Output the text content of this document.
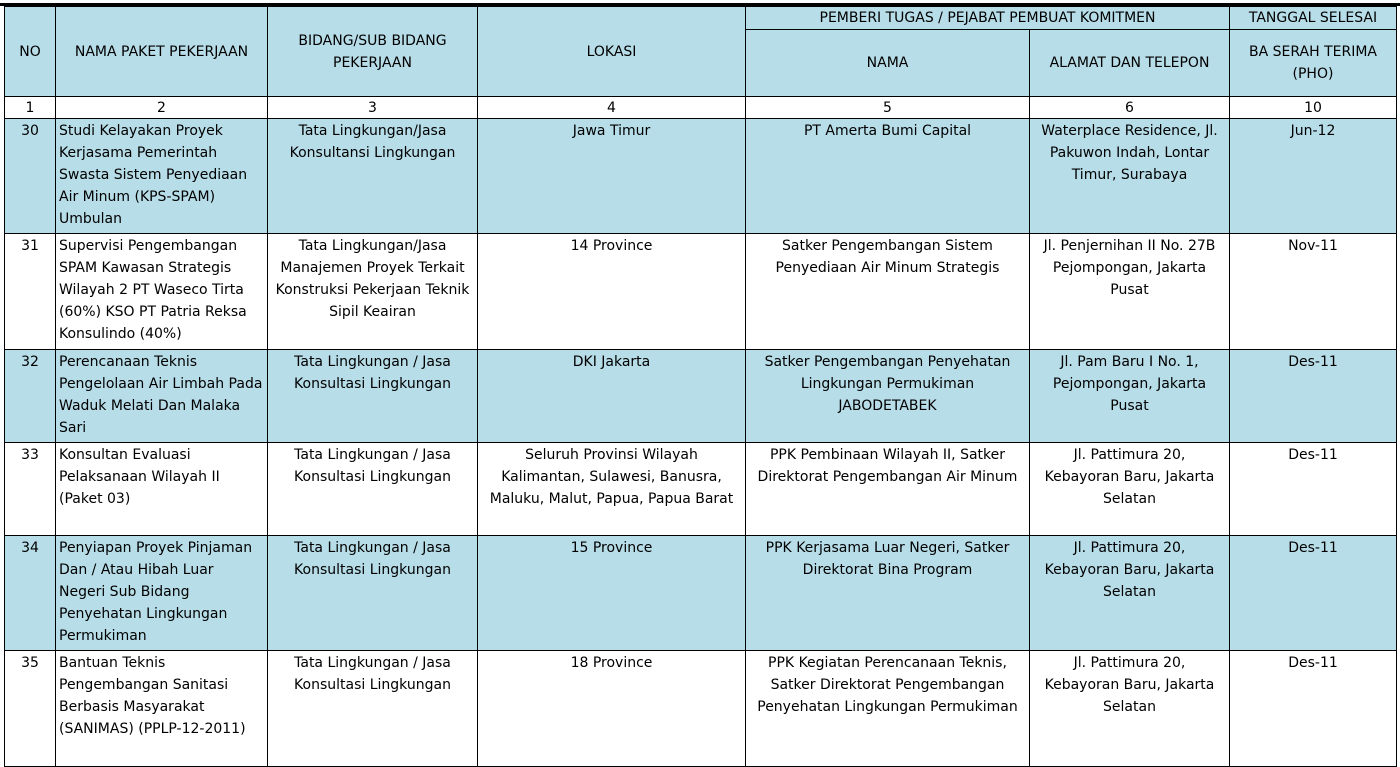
NO	NAMA PAKET PEKERJAAN	BIDANG/SUB BIDANG
PEKERJAAN	LOKASI	PEMBERI TUGAS / PEJABAT PEMBUAT KOMITMEN		TANGGAL SELESAI
				NAMA	ALAMAT DAN TELEPON	BA SERAH TERIMA
(PHO)
1	2	3	4	5	6	10
30	Studi Kelayakan Proyek
Kerjasama Pemerintah
Swasta Sistem Penyediaan
Air Minum (KPS-SPAM)
Umbulan	Tata Lingkungan/Jasa
Konsultansi Lingkungan	Jawa Timur	PT Amerta Bumi Capital	Waterplace Residence, Jl.
Pakuwon Indah, Lontar
Timur, Surabaya	Jun-12
31	Supervisi Pengembangan
SPAM Kawasan Strategis
Wilayah 2 PT Waseco Tirta
(60%) KSO PT Patria Reksa
Konsulindo (40%)	Tata Lingkungan/Jasa
Manajemen Proyek Terkait
Konstruksi Pekerjaan Teknik
Sipil Keairan	14 Province	Satker Pengembangan Sistem
Penyediaan Air Minum Strategis	Jl. Penjernihan II No. 27B
Pejompongan, Jakarta
Pusat	Nov-11
32	Perencanaan Teknis
Pengelolaan Air Limbah Pada
Waduk Melati Dan Malaka
Sari	Tata Lingkungan / Jasa
Konsultasi Lingkungan	DKI Jakarta	Satker Pengembangan Penyehatan
Lingkungan Permukiman
JABODETABEK	Jl. Pam Baru I No. 1,
Pejompongan, Jakarta
Pusat	Des-11
33	Konsultan Evaluasi
Pelaksanaan Wilayah II
(Paket 03)	Tata Lingkungan / Jasa
Konsultasi Lingkungan	Seluruh Provinsi Wilayah
Kalimantan, Sulawesi, Banusra,
Maluku, Malut, Papua, Papua Barat	PPK Pembinaan Wilayah II, Satker
Direktorat Pengembangan Air Minum	Jl. Pattimura 20,
Kebayoran Baru, Jakarta
Selatan	Des-11
34	Penyiapan Proyek Pinjaman
Dan / Atau Hibah Luar
Negeri Sub Bidang
Penyehatan Lingkungan
Permukiman	Tata Lingkungan / Jasa
Konsultasi Lingkungan	15 Province	PPK Kerjasama Luar Negeri, Satker
Direktorat Bina Program	Jl. Pattimura 20,
Kebayoran Baru, Jakarta
Selatan	Des-11
35	Bantuan Teknis
Pengembangan Sanitasi
Berbasis Masyarakat
(SANIMAS) (PPLP-12-2011)	Tata Lingkungan / Jasa
Konsultasi Lingkungan	18 Province	PPK Kegiatan Perencanaan Teknis,
Satker Direktorat Pengembangan
Penyehatan Lingkungan Permukiman	Jl. Pattimura 20,
Kebayoran Baru, Jakarta
Selatan	Des-11
